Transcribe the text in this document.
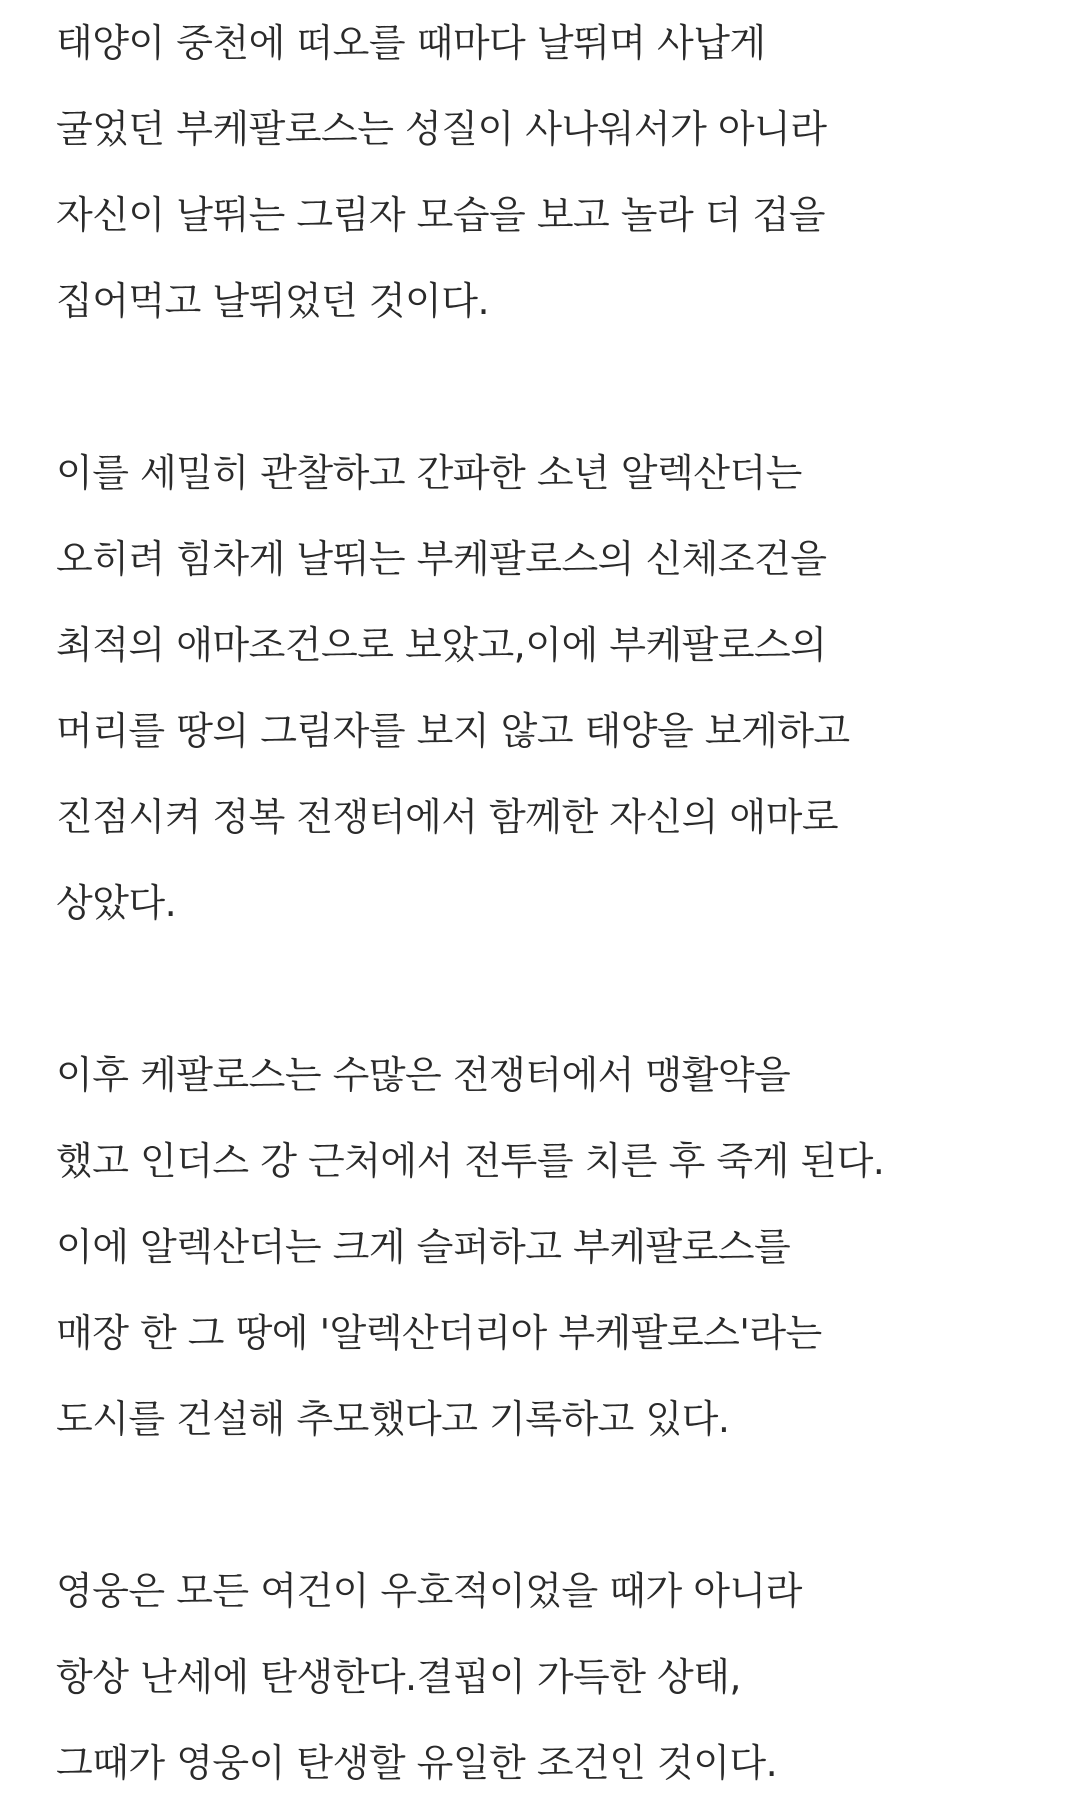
태양이 중천에 떠오를 때마다 날뛰며 사납게
굴었던 부케팔로스는 성질이 사나워서가 아니라
자신이 날뛰는 그림자 모습을 보고 놀라 더 겁을
집어먹고 날뛰었던 것이다.
이를 세밀히 관찰하고 간파한 소년 알렉산더는
오히려 힘차게 날뛰는 부케팔로스의 신체조건을
최적의 애마조건으로 보았고,이에 부케팔로스의
머리를 땅의 그림자를 보지 않고 태양을 보게하고
진점시켜 정복 전쟁터에서 함께한 자신의 애마로
상았다.
이후 케팔로스는 수많은 전쟁터에서 맹활약을
했고 인더스 강 근처에서 전투를 치른 후 죽게 된다.
이에 알렉산더는 크게 슬퍼하고 부케팔로스를
매장 한 그 땅에 '알렉산더리아 부케팔로스'라는
도시를 건설해 추모했다고 기록하고 있다.
영웅은 모든 여건이 우호적이었을 때가 아니라
항상 난세에 탄생한다.결핍이 가득한 상태,
그때가 영웅이 탄생할 유일한 조건인 것이다.
